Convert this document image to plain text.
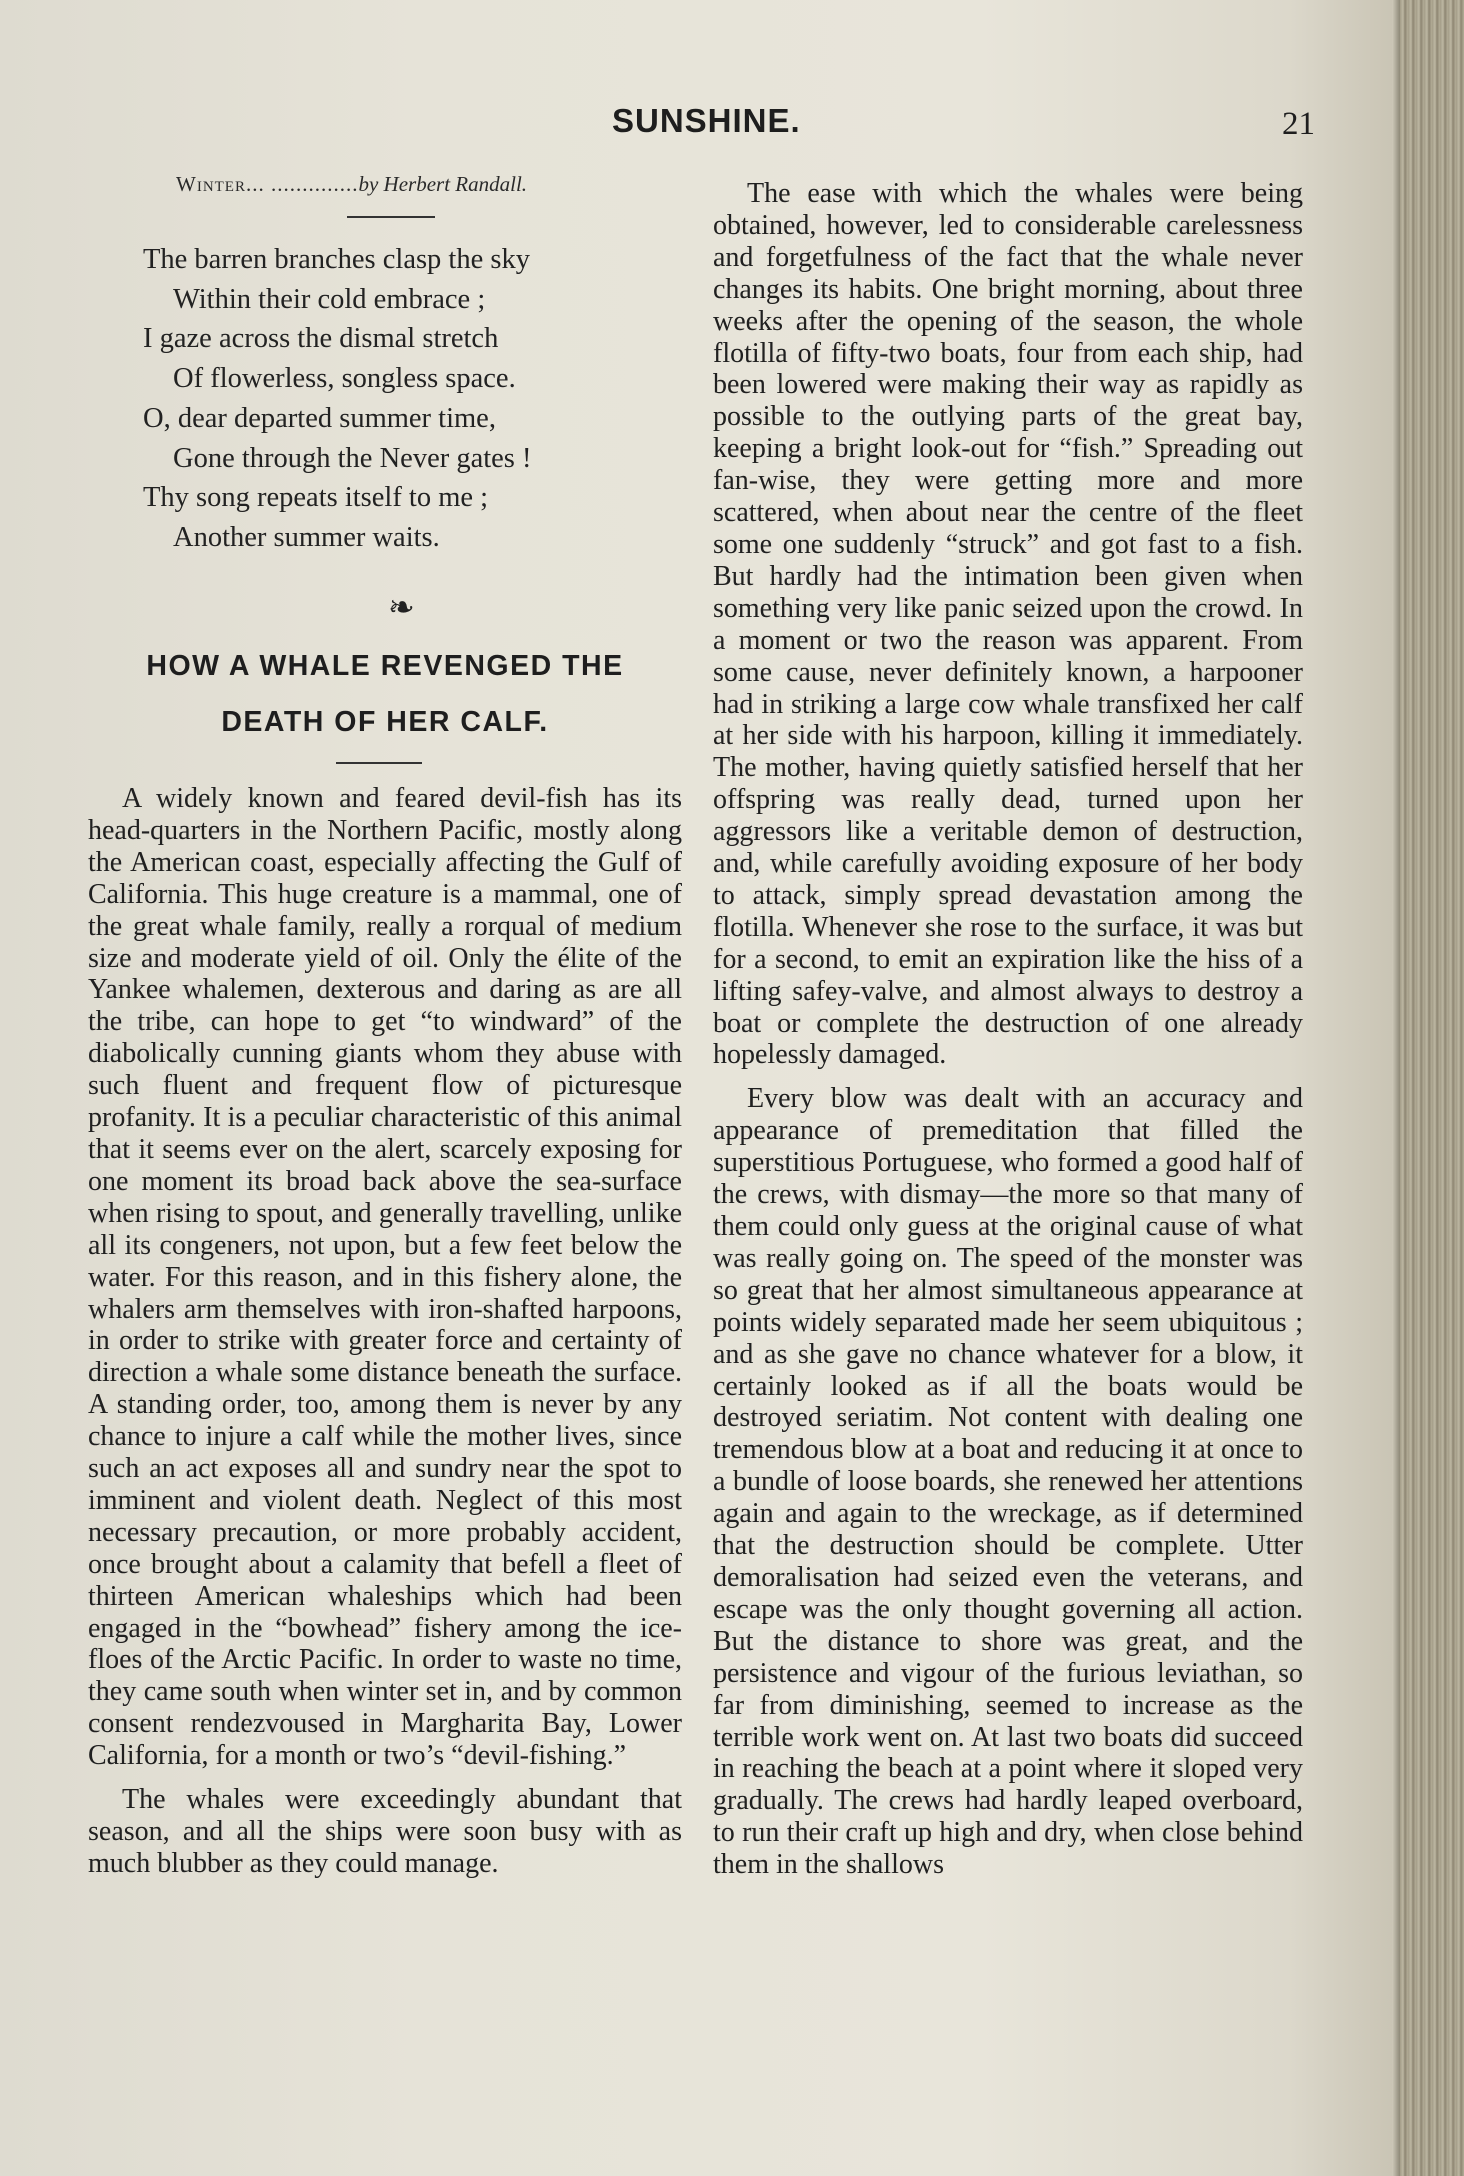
SUNSHINE.	21
Winter... ..............by Herbert Randall.
The barren branches clasp the sky
Within their cold embrace ;
I gaze across the dismal stretch
Of flowerless, songless space.
O, dear departed summer time,
Gone through the Never gates !
Thy song repeats itself to me ;
Another summer waits.
❧
HOW A WHALE REVENGED THE
DEATH OF HER CALF.

A widely known and feared devil-fish has its head-quarters in the Northern Pacific, mostly along the American coast, especially affecting the Gulf of California. This huge creature is a mammal, one of the great whale family, really a rorqual of medium size and moderate yield of oil. Only the élite of the Yankee whalemen, dexterous and daring as are all the tribe, can hope to get “to windward” of the diabolically cunning giants whom they abuse with such fluent and frequent flow of picturesque profanity. It is a peculiar characteristic of this animal that it seems ever on the alert, scarcely exposing for one moment its broad back above the sea-surface when rising to spout, and generally travelling, unlike all its congeners, not upon, but a few feet below the water. For this reason, and in this fishery alone, the whalers arm themselves with iron-shafted harpoons, in order to strike with greater force and certainty of direction a whale some distance beneath the surface. A standing order, too, among them is never by any chance to injure a calf while the mother lives, since such an act exposes all and sundry near the spot to imminent and violent death. Neglect of this most necessary precaution, or more probably accident, once brought about a calamity that befell a fleet of thirteen American whaleships which had been engaged in the “bowhead” fishery among the ice-floes of the Arctic Pacific. In order to waste no time, they came south when winter set in, and by common consent rendezvoused in Margharita Bay, Lower California, for a month or two’s “devil-fishing.”

The whales were exceedingly abundant that season, and all the ships were soon busy with as much blubber as they could manage.

The ease with which the whales were being obtained, however, led to considerable carelessness and forgetfulness of the fact that the whale never changes its habits. One bright morning, about three weeks after the opening of the season, the whole flotilla of fifty-two boats, four from each ship, had been lowered were making their way as rapidly as possible to the outlying parts of the great bay, keeping a bright look-out for “fish.” Spreading out fan-wise, they were getting more and more scattered, when about near the centre of the fleet some one suddenly “struck” and got fast to a fish. But hardly had the intimation been given when something very like panic seized upon the crowd. In a moment or two the reason was apparent. From some cause, never definitely known, a harpooner had in striking a large cow whale transfixed her calf at her side with his harpoon, killing it immediately. The mother, having quietly satisfied herself that her offspring was really dead, turned upon her aggressors like a veritable demon of destruction, and, while carefully avoiding exposure of her body to attack, simply spread devastation among the flotilla. Whenever she rose to the surface, it was but for a second, to emit an expiration like the hiss of a lifting safey-valve, and almost always to destroy a boat or complete the destruction of one already hopelessly damaged.

Every blow was dealt with an accuracy and appearance of premeditation that filled the superstitious Portuguese, who formed a good half of the crews, with dismay—the more so that many of them could only guess at the original cause of what was really going on. The speed of the monster was so great that her almost simultaneous appearance at points widely separated made her seem ubiquitous ; and as she gave no chance whatever for a blow, it certainly looked as if all the boats would be destroyed seriatim. Not content with dealing one tremendous blow at a boat and reducing it at once to a bundle of loose boards, she renewed her attentions again and again to the wreckage, as if determined that the destruction should be complete. Utter demoralisation had seized even the veterans, and escape was the only thought governing all action. But the distance to shore was great, and the persistence and vigour of the furious leviathan, so far from diminishing, seemed to increase as the terrible work went on. At last two boats did succeed in reaching the beach at a point where it sloped very gradually. The crews had hardly leaped overboard, to run their craft up high and dry, when close behind them in the shallows
